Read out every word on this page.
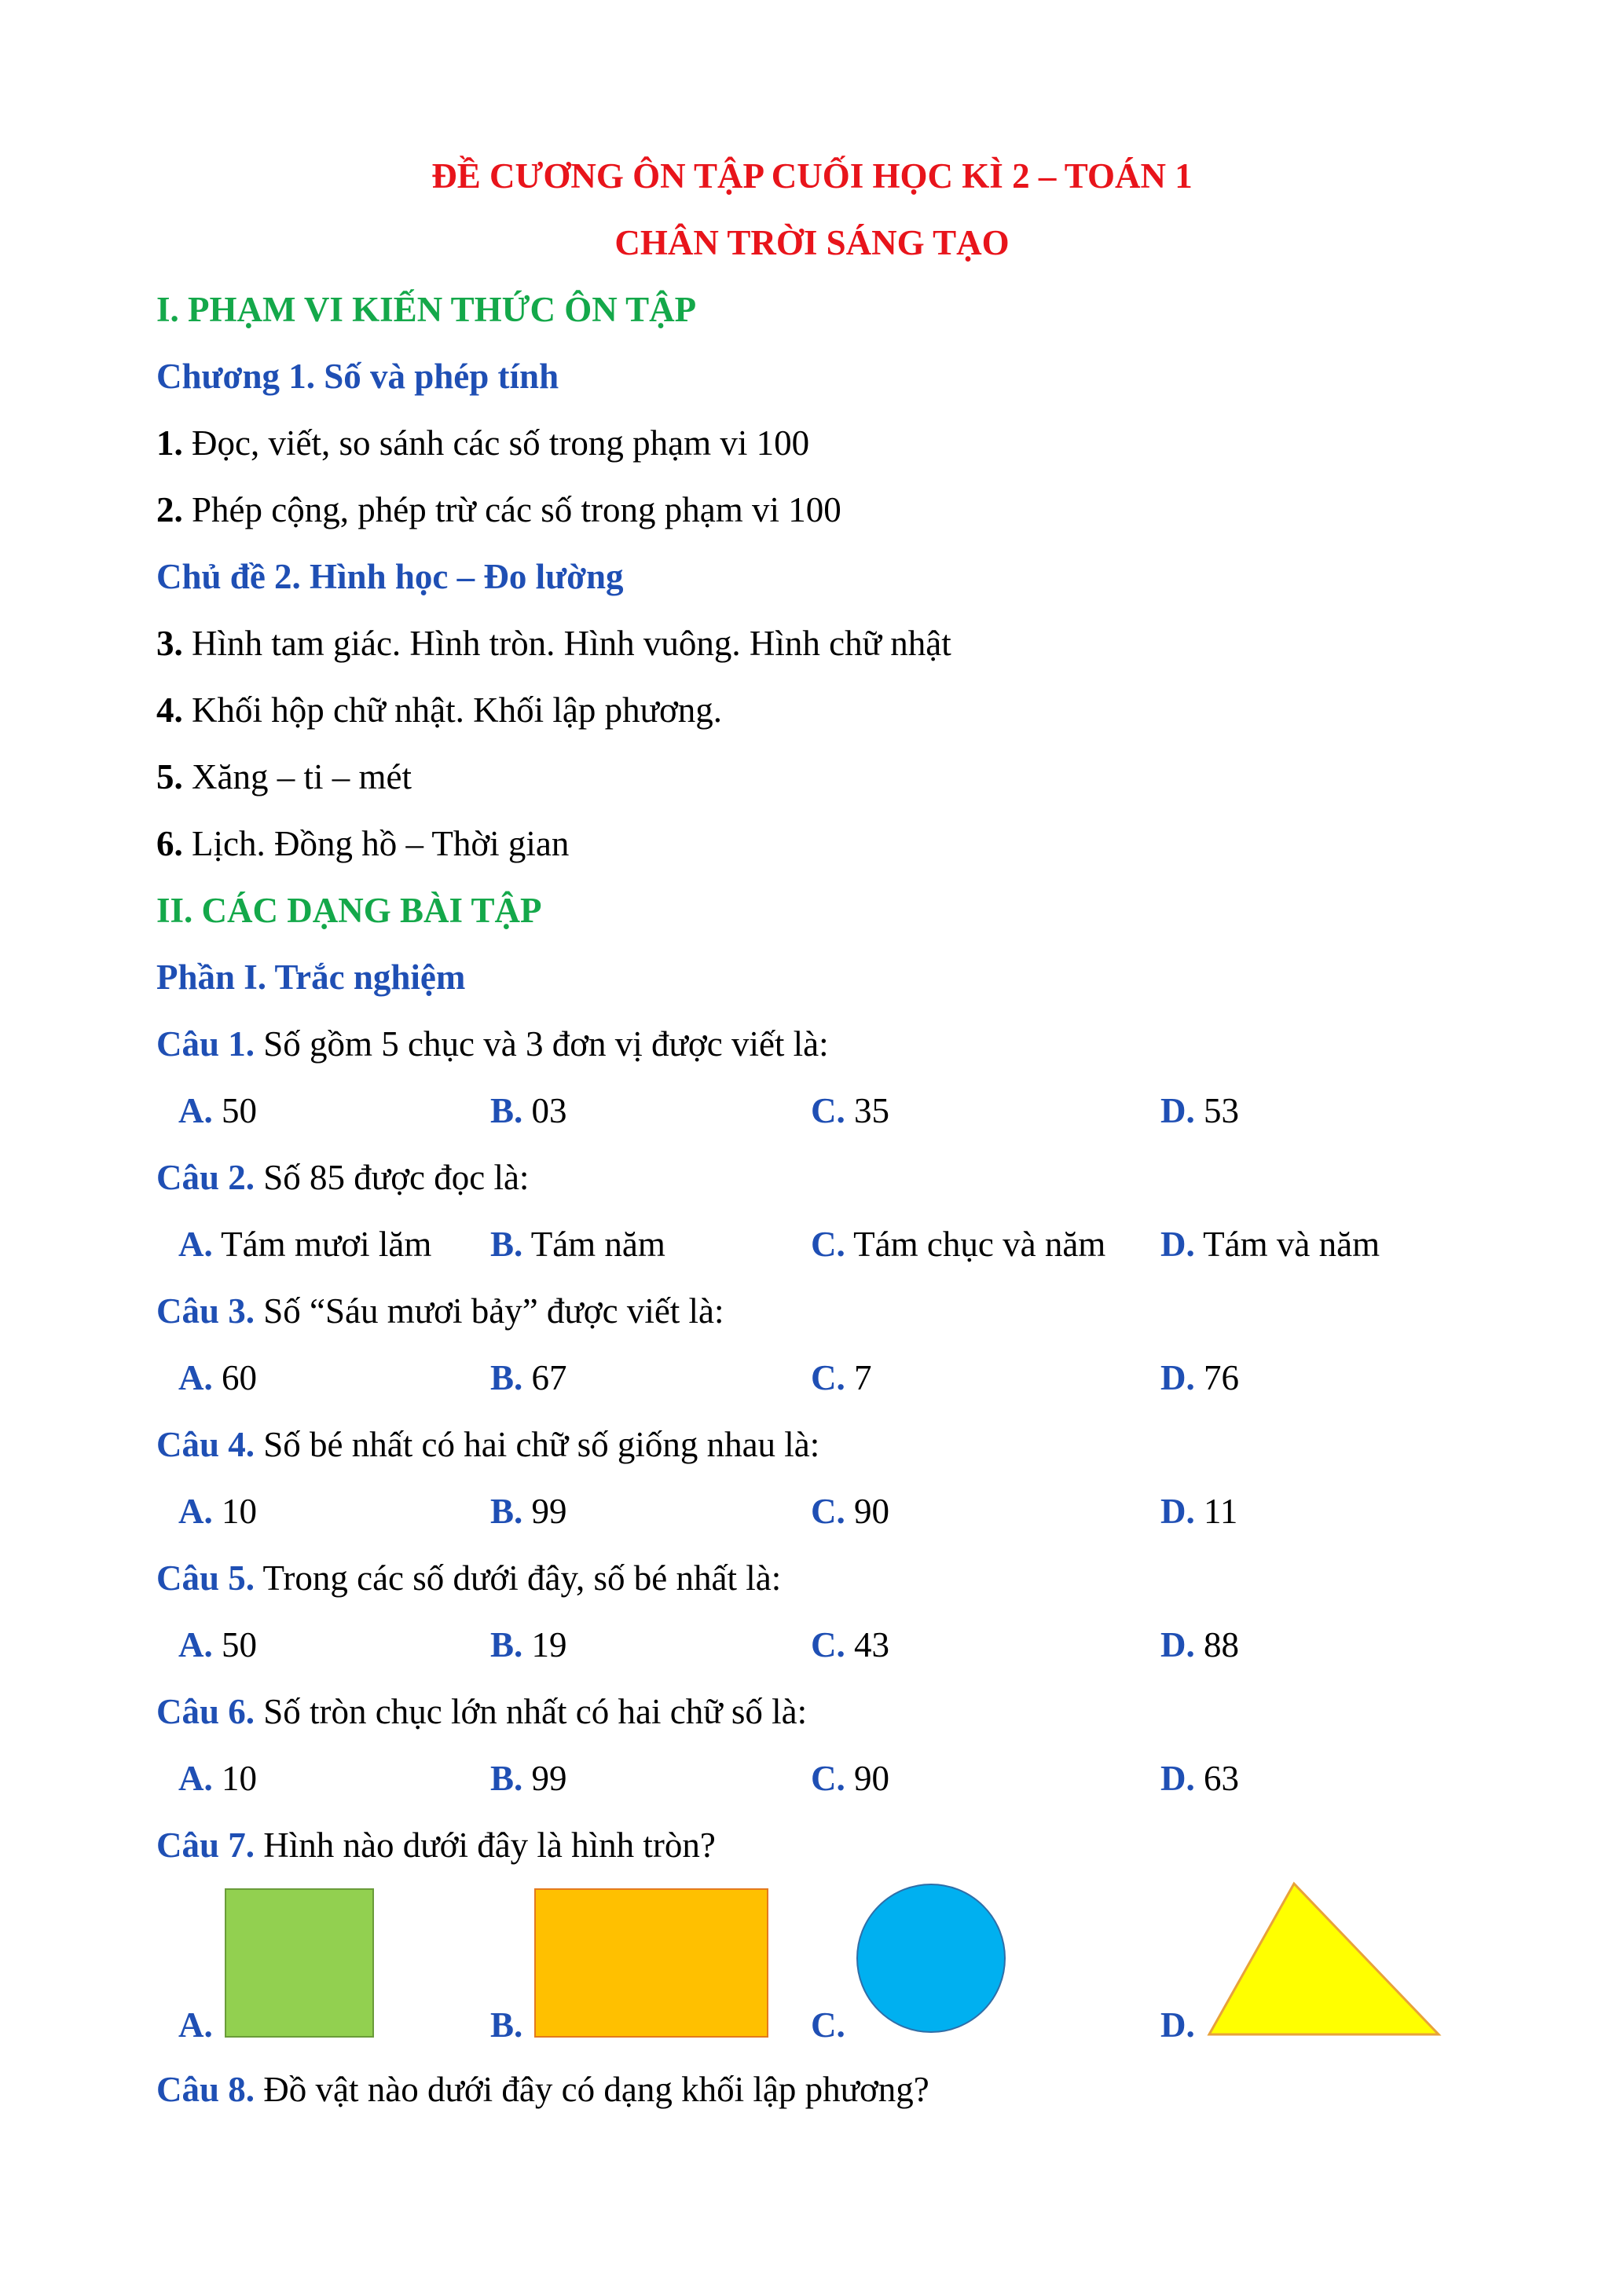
ĐỀ CƯƠNG ÔN TẬP CUỐI HỌC KÌ 2 – TOÁN 1
CHÂN TRỜI SÁNG TẠO
I. PHẠM VI KIẾN THỨC ÔN TẬP
Chương 1. Số và phép tính
1. Đọc, viết, so sánh các số trong phạm vi 100
2. Phép cộng, phép trừ các số trong phạm vi 100
Chủ đề 2. Hình học – Đo lường
3. Hình tam giác. Hình tròn. Hình vuông. Hình chữ nhật
4. Khối hộp chữ nhật. Khối lập phương.
5. Xăng – ti – mét
6. Lịch. Đồng hồ – Thời gian
II. CÁC DẠNG BÀI TẬP
Phần I. Trắc nghiệm
Câu 1. Số gồm 5 chục và 3 đơn vị được viết là:
A. 50	B. 03	C. 35	D. 53
Câu 2. Số 85 được đọc là:
A. Tám mươi lăm B. Tám năm	C. Tám chục và năm D. Tám và năm
Câu 3. Số “Sáu mươi bảy” được viết là:
A. 60	B. 67	C. 7	D. 76
Câu 4. Số bé nhất có hai chữ số giống nhau là:
A. 10	B. 99	C. 90	D. 11
Câu 5. Trong các số dưới đây, số bé nhất là:
A. 50	B. 19	C. 43	D. 88
Câu 6. Số tròn chục lớn nhất có hai chữ số là:
A. 10	B. 99	C. 90	D. 63
Câu 7. Hình nào dưới đây là hình tròn?
A.	B.	C.	D.
Câu 8. Đồ vật nào dưới đây có dạng khối lập phương?
